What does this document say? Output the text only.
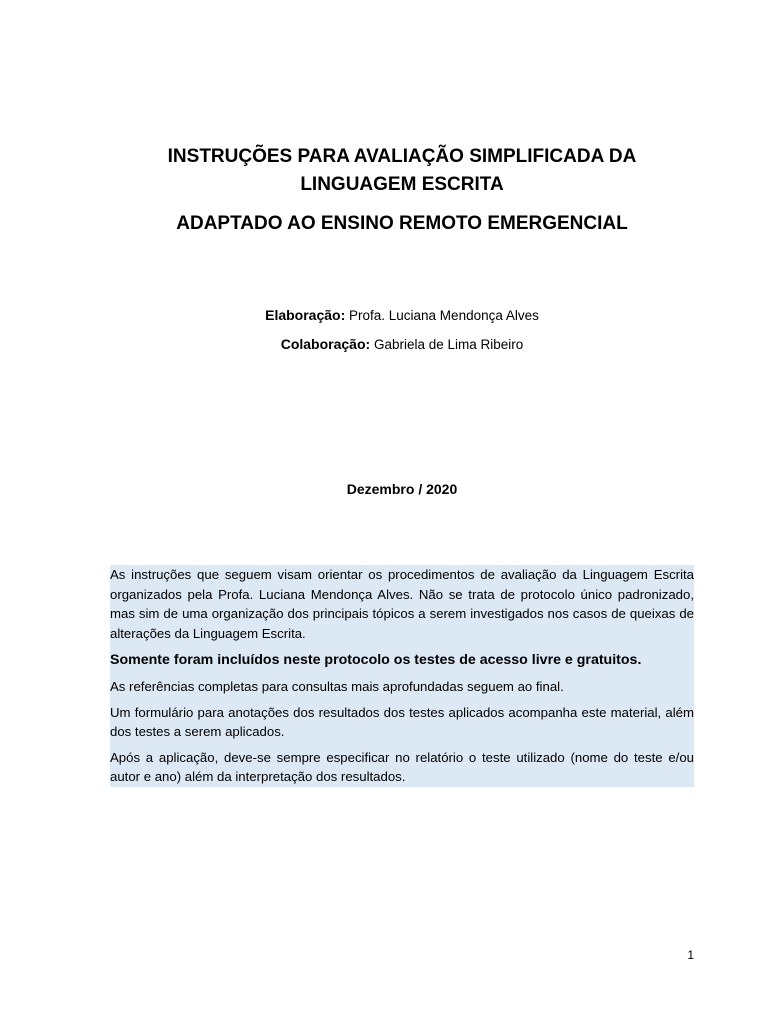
INSTRUÇÕES PARA AVALIAÇÃO SIMPLIFICADA DA
LINGUAGEM ESCRITA
ADAPTADO AO ENSINO REMOTO EMERGENCIAL
Elaboração: Profa. Luciana Mendonça Alves
Colaboração: Gabriela de Lima Ribeiro
Dezembro / 2020

As instruções que seguem visam orientar os procedimentos de avaliação da Linguagem Escrita organizados pela Profa. Luciana Mendonça Alves. Não se trata de protocolo único padronizado, mas sim de uma organização dos principais tópicos a serem investigados nos casos de queixas de alterações da Linguagem Escrita.

Somente foram incluídos neste protocolo os testes de acesso livre e gratuitos.

As referências completas para consultas mais aprofundadas seguem ao final.

Um formulário para anotações dos resultados dos testes aplicados acompanha este material, além dos testes a serem aplicados.

Após a aplicação, deve-se sempre especificar no relatório o teste utilizado (nome do teste e/ou autor e ano) além da interpretação dos resultados.

1
